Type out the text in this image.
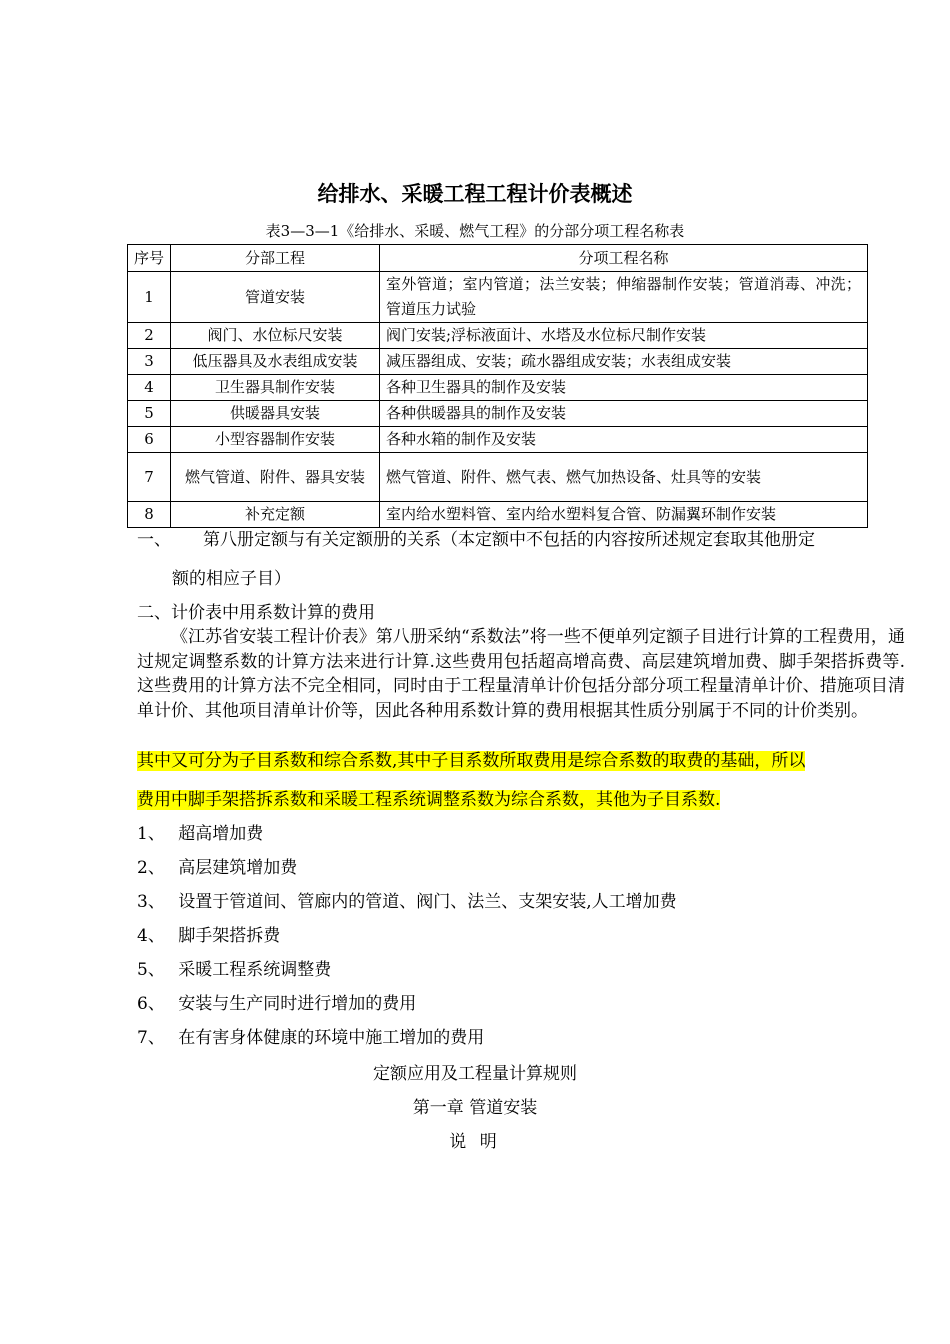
给排水、采暖工程工程计价表概述
表3—3—1《给排水、采暖、燃气工程》的分部分项工程名称表
序号	分部工程	分项工程名称
1	管道安装	室外管道；室内管道；法兰安装；伸缩器制作安装；管道消毒、冲洗；管道压力试验
2	阀门、水位标尺安装	阀门安装;浮标液面计、水塔及水位标尺制作安装
3	低压器具及水表组成安装	减压器组成、安装；疏水器组成安装；水表组成安装
4	卫生器具制作安装	各种卫生器具的制作及安装
5	供暖器具安装	各种供暖器具的制作及安装
6	小型容器制作安装	各种水箱的制作及安装
7	燃气管道、附件、器具安装	燃气管道、附件、燃气表、燃气加热设备、灶具等的安装
8	补充定额	室内给水塑料管、室内给水塑料复合管、防漏翼环制作安装
一、 第八册定额与有关定额册的关系（本定额中不包括的内容按所述规定套取其他册定
额的相应子目）
二、计价表中用系数计算的费用
《江苏省安装工程计价表》第八册采纳“系数法”将一些不便单列定额子目进行计算的工程费用，通过规定调整系数的计算方法来进行计算.这些费用包括超高增高费、高层建筑增加费、脚手架搭拆费等.这些费用的计算方法不完全相同，同时由于工程量清单计价包括分部分项工程量清单计价、措施项目清单计价、其他项目清单计价等，因此各种用系数计算的费用根据其性质分别属于不同的计价类别。
其中又可分为子目系数和综合系数,其中子目系数所取费用是综合系数的取费的基础，所以
费用中脚手架搭拆系数和采暖工程系统调整系数为综合系数，其他为子目系数.
1、 超高增加费
2、 高层建筑增加费
3、 设置于管道间、管廊内的管道、阀门、法兰、支架安装,人工增加费
4、 脚手架搭拆费
5、 采暖工程系统调整费
6、 安装与生产同时进行增加的费用
7、 在有害身体健康的环境中施工增加的费用
定额应用及工程量计算规则
第一章 管道安装
说 明
